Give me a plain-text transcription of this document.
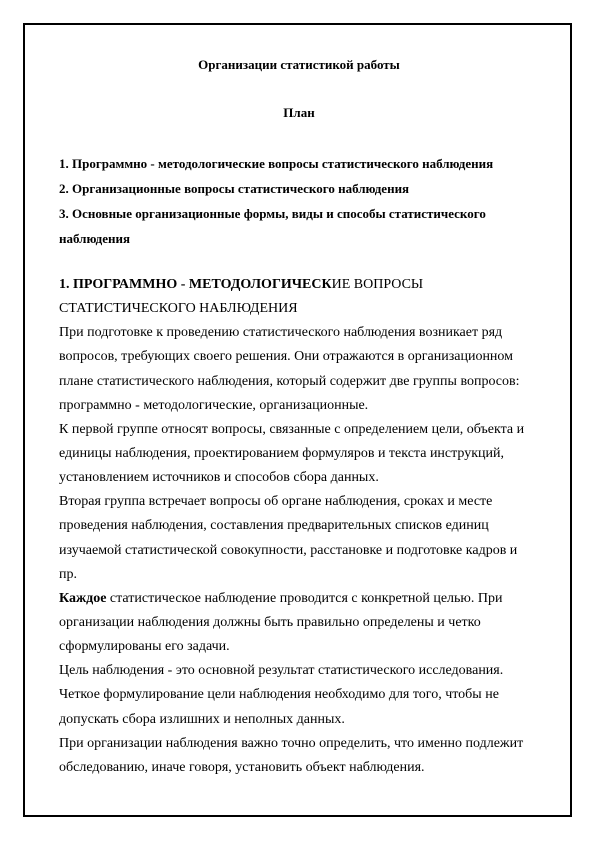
Организации статистикой работы
План
1. Программно - методологические вопросы статистического наблюдения
2. Организационные вопросы статистического наблюдения
3. Основные организационные формы, виды и способы статистического
наблюдения
1. ПРОГРАММНО - МЕТОДОЛОГИЧЕСКИЕ ВОПРОСЫ
СТАТИСТИЧЕСКОГО НАБЛЮДЕНИЯ
При подготовке к проведению статистического наблюдения возникает ряд
вопросов, требующих своего решения. Они отражаются в организационном
плане статистического наблюдения, который содержит две группы вопросов:
программно - методологические, организационные.
К первой группе относят вопросы, связанные с определением цели, объекта и
единицы наблюдения, проектированием формуляров и текста инструкций,
установлением источников и способов сбора данных.
Вторая группа встречает вопросы об органе наблюдения, сроках и месте
проведения наблюдения, составления предварительных списков единиц
изучаемой статистической совокупности, расстановке и подготовке кадров и
пр.
Каждое статистическое наблюдение проводится с конкретной целью. При
организации наблюдения должны быть правильно определены и четко
сформулированы его задачи.
Цель наблюдения - это основной результат статистического исследования.
Четкое формулирование цели наблюдения необходимо для того, чтобы не
допускать сбора излишних и неполных данных.
При организации наблюдения важно точно определить, что именно подлежит
обследованию, иначе говоря, установить объект наблюдения.
